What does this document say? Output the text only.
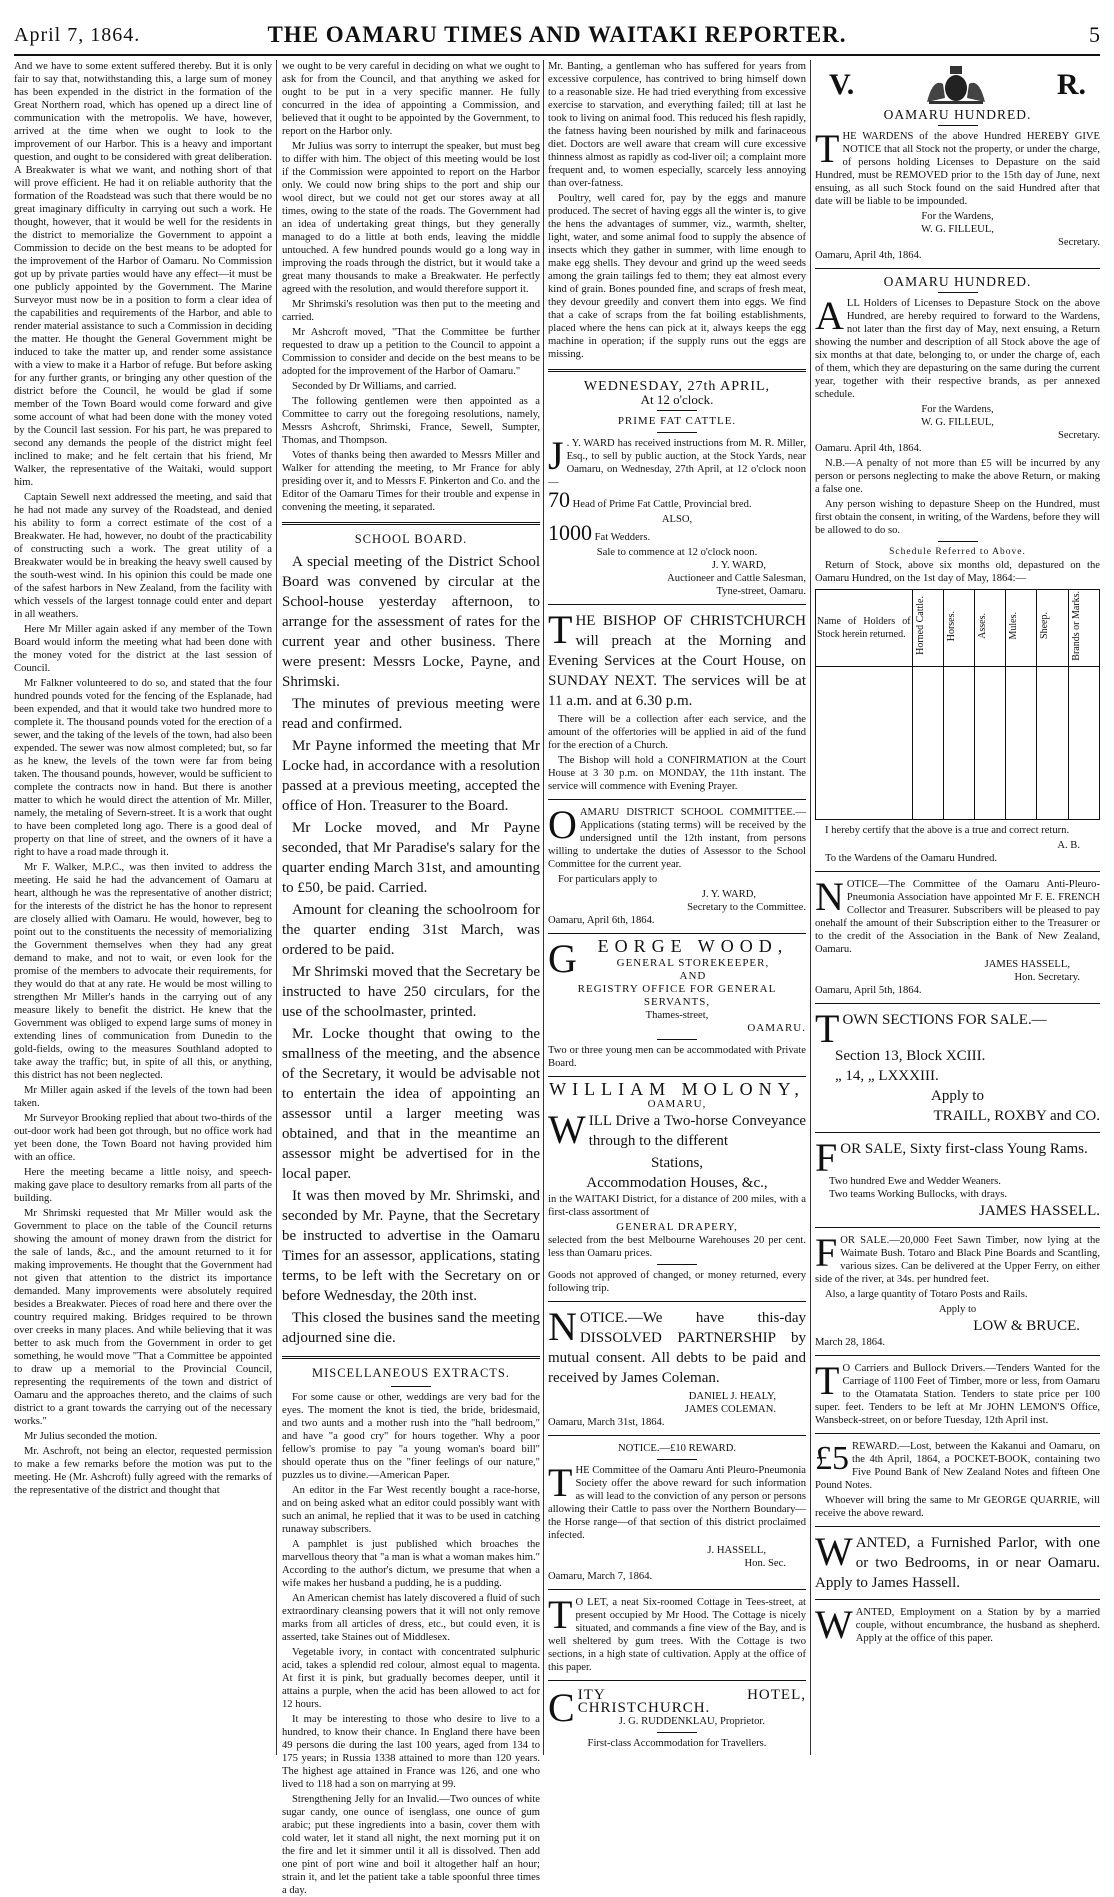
April 7, 1864.	THE OAMARU TIMES AND WAITAKI REPORTER.	5

And we have to some extent suffered thereby. But it is only fair to say that, notwithstanding this, a large sum of money has been expended in the district in the formation of the Great Northern road, which has opened up a direct line of communication with the metropolis. We have, however, arrived at the time when we ought to look to the improvement of our Harbor. This is a heavy and important question, and ought to be considered with great deliberation. A Breakwater is what we want, and nothing short of that will prove efficient. He had it on reliable authority that the formation of the Roadstead was such that there would be no great imaginary difficulty in carrying out such a work. He thought, however, that it would be well for the residents in the district to memorialize the Government to appoint a Commission to decide on the best means to be adopted for the improvement of the Harbor of Oamaru. No Commission got up by private parties would have any effect—it must be one publicly appointed by the Government. The Marine Surveyor must now be in a position to form a clear idea of the capabilities and requirements of the Harbor, and able to render material assistance to such a Commission in deciding the matter. He thought the General Government might be induced to take the matter up, and render some assistance with a view to make it a Harbor of refuge. But before asking for any further grants, or bringing any other question of the district before the Council, he would be glad if some member of the Town Board would come forward and give some account of what had been done with the money voted by the Council last session. For his part, he was prepared to second any demands the people of the district might feel inclined to make; and he felt certain that his friend, Mr Walker, the representative of the Waitaki, would support him.

Captain Sewell next addressed the meeting, and said that he had not made any survey of the Roadstead, and denied his ability to form a correct estimate of the cost of a Breakwater. He had, however, no doubt of the practicability of constructing such a work. The great utility of a Breakwater would be in breaking the heavy swell caused by the south-west wind. In his opinion this could be made one of the safest harbors in New Zealand, from the facility with which vessels of the largest tonnage could enter and depart in all weathers.

Here Mr Miller again asked if any member of the Town Board would inform the meeting what had been done with the money voted for the district at the last session of Council.

Mr Falkner volunteered to do so, and stated that the four hundred pounds voted for the fencing of the Esplanade, had been expended, and that it would take two hundred more to complete it. The thousand pounds voted for the erection of a sewer, and the taking of the levels of the town, had also been expended. The sewer was now almost completed; but, so far as he knew, the levels of the town were far from being taken. The thousand pounds, however, would be sufficient to complete the contracts now in hand. But there is another matter to which he would direct the attention of Mr. Miller, namely, the metaling of Severn-street. It is a work that ought to have been completed long ago. There is a good deal of property on that line of street, and the owners of it have a right to have a road made through it.

Mr F. Walker, M.P.C., was then invited to address the meeting. He said he had the advancement of Oamaru at heart, although he was the representative of another district; for the interests of the district he has the honor to represent are closely allied with Oamaru. He would, however, beg to point out to the constituents the necessity of memorializing the Government themselves when they had any great demand to make, and not to wait, or even look for the promise of the members to advocate their requirements, for they would do that at any rate. He would be most willing to strengthen Mr Miller's hands in the carrying out of any measure likely to benefit the district. He knew that the Government was obliged to expend large sums of money in extending lines of communication from Dunedin to the gold-fields, owing to the measures Southland adopted to take away the traffic; but, in spite of all this, or anything, this district has not been neglected.

Mr Miller again asked if the levels of the town had been taken.

Mr Surveyor Brooking replied that about two-thirds of the out-door work had been got through, but no office work had yet been done, the Town Board not having provided him with an office.

Here the meeting became a little noisy, and speech-making gave place to desultory remarks from all parts of the building.

Mr Shrimski requested that Mr Miller would ask the Government to place on the table of the Council returns showing the amount of money drawn from the district for the sale of lands, &c., and the amount returned to it for making improvements. He thought that the Government had not given that attention to the district its importance demanded. Many improvements were absolutely required besides a Breakwater. Pieces of road here and there over the country required making. Bridges required to be thrown over creeks in many places. And while believing that it was better to ask much from the Government in order to get something, he would move "That a Committee be appointed to draw up a memorial to the Provincial Council, representing the requirements of the town and district of Oamaru and the approaches thereto, and the claims of such district to a grant towards the carrying out of the necessary works."

Mr Julius seconded the motion.

Mr. Aschroft, not being an elector, requested permission to make a few remarks before the motion was put to the meeting. He (Mr. Ashcroft) fully agreed with the remarks of the representative of the district and thought that

we ought to be very careful in deciding on what we ought to ask for from the Council, and that anything we asked for ought to be put in a very specific manner. He fully concurred in the idea of appointing a Commission, and believed that it ought to be appointed by the Government, to report on the Harbor only.

Mr Julius was sorry to interrupt the speaker, but must beg to differ with him. The object of this meeting would be lost if the Commission were appointed to report on the Harbor only. We could now bring ships to the port and ship our wool direct, but we could not get our stores away at all times, owing to the state of the roads. The Government had an idea of undertaking great things, but they generally managed to do a little at both ends, leaving the middle untouched. A few hundred pounds would go a long way in improving the roads through the district, but it would take a great many thousands to make a Breakwater. He perfectly agreed with the resolution, and would therefore support it.

Mr Shrimski's resolution was then put to the meeting and carried.

Mr Ashcroft moved, "That the Committee be further requested to draw up a petition to the Council to appoint a Commission to consider and decide on the best means to be adopted for the improvement of the Harbor of Oamaru."

Seconded by Dr Williams, and carried.

The following gentlemen were then appointed as a Committee to carry out the foregoing resolutions, namely, Messrs Ashcroft, Shrimski, France, Sewell, Sumpter, Thomas, and Thompson.

Votes of thanks being then awarded to Messrs Miller and Walker for attending the meeting, to Mr France for ably presiding over it, and to Messrs F. Pinkerton and Co. and the Editor of the Oamaru Times for their trouble and expense in convening the meeting, it separated.

SCHOOL BOARD.

A special meeting of the District School Board was convened by circular at the School-house yesterday afternoon, to arrange for the assessment of rates for the current year and other business. There were present: Messrs Locke, Payne, and Shrimski.

The minutes of previous meeting were read and confirmed.

Mr Payne informed the meeting that Mr Locke had, in accordance with a resolution passed at a previous meeting, accepted the office of Hon. Treasurer to the Board.

Mr Locke moved, and Mr Payne seconded, that Mr Paradise's salary for the quarter ending March 31st, and amounting to £50, be paid. Carried.

Amount for cleaning the schoolroom for the quarter ending 31st March, was ordered to be paid.

Mr Shrimski moved that the Secretary be instructed to have 250 circulars, for the use of the schoolmaster, printed.

Mr. Locke thought that owing to the smallness of the meeting, and the absence of the Secretary, it would be advisable not to entertain the idea of appointing an assessor until a larger meeting was obtained, and that in the meantime an assessor might be advertised for in the local paper.

It was then moved by Mr. Shrimski, and seconded by Mr. Payne, that the Secretary be instructed to advertise in the Oamaru Times for an assessor, applications, stating terms, to be left with the Secretary on or before Wednesday, the 20th inst.

This closed the busines sand the meeting adjourned sine die.

MISCELLANEOUS EXTRACTS.

For some cause or other, weddings are very bad for the eyes. The moment the knot is tied, the bride, bridesmaid, and two aunts and a mother rush into the "hall bedroom," and have "a good cry" for hours together. Why a poor fellow's promise to pay "a young woman's board bill" should operate thus on the "finer feelings of our nature," puzzles us to divine.—American Paper.

An editor in the Far West recently bought a race-horse, and on being asked what an editor could possibly want with such an animal, he replied that it was to be used in catching runaway subscribers.

A pamphlet is just published which broaches the marvellous theory that "a man is what a woman makes him." According to the author's dictum, we presume that when a wife makes her husband a pudding, he is a pudding.

An American chemist has lately discovered a fluid of such extraordinary cleansing powers that it will not only remove marks from all articles of dress, etc., but could even, it is asserted, take Staines out of Middlesex.

Vegetable ivory, in contact with concentrated sulphuric acid, takes a splendid red colour, almost equal to magenta. At first it is pink, but gradually becomes deeper, until it attains a purple, when the acid has been allowed to act for 12 hours.

It may be interesting to those who desire to live to a hundred, to know their chance. In England there have been 49 persons die during the last 100 years, aged from 134 to 175 years; in Russia 1338 attained to more than 120 years. The highest age attained in France was 126, and one who lived to 118 had a son on marrying at 99.

Strengthening Jelly for an Invalid.—Two ounces of white sugar candy, one ounce of isenglass, one ounce of gum arabic; put these ingredients into a basin, cover them with cold water, let it stand all night, the next morning put it on the fire and let it simmer until it all is dissolved. Then add one pint of port wine and boil it altogether half an hour; strain it, and let the patient take a table spoonful three times a day.

Mr. Banting, a gentleman who has suffered for years from excessive corpulence, has contrived to bring himself down to a reasonable size. He had tried everything from excessive exercise to starvation, and everything failed; till at last he took to living on animal food. This reduced his flesh rapidly, the fatness having been nourished by milk and farinaceous diet. Doctors are well aware that cream will cure excessive thinness almost as rapidly as cod-liver oil; a complaint more frequent and, to women especially, scarcely less annoying than over-fatness.

Poultry, well cared for, pay by the eggs and manure produced. The secret of having eggs all the winter is, to give the hens the advantages of summer, viz., warmth, shelter, light, water, and some animal food to supply the absence of insects which they gather in summer, with lime enough to make egg shells. They devour and grind up the weed seeds among the grain tailings fed to them; they eat almost every kind of grain. Bones pounded fine, and scraps of fresh meat, they devour greedily and convert them into eggs. We find that a cake of scraps from the fat boiling establishments, placed where the hens can pick at it, always keeps the egg machine in operation; if the supply runs out the eggs are missing.

WEDNESDAY, 27th APRIL,
At 12 o'clock.
PRIME FAT CATTLE.

J . Y. WARD has received instructions from M. R. Miller, Esq., to sell by public auction, at the Stock Yards, near Oamaru, on Wednesday, 27th April, at 12 o'clock noon—

70 Head of Prime Fat Cattle, Provincial bred.

ALSO,

1000 Fat Wedders.

Sale to commence at 12 o'clock noon.
J. Y. WARD,
Auctioneer and Cattle Salesman,
Tyne-street, Oamaru.

THE BISHOP OF CHRISTCHURCH will preach at the Morning and Evening Services at the Court House, on SUNDAY NEXT. The services will be at 11 a.m. and at 6.30 p.m.

There will be a collection after each service, and the amount of the offertories will be applied in aid of the fund for the erection of a Church.

The Bishop will hold a CONFIRMATION at the Court House at 3 30 p.m. on MONDAY, the 11th instant. The service will commence with Evening Prayer.

OAMARU DISTRICT SCHOOL COMMITTEE.—Applications (stating terms) will be received by the undersigned until the 12th instant, from persons willing to undertake the duties of Assessor to the School Committee for the current year.

For particulars apply to

J. Y. WARD,
Secretary to the Committee.

Oamaru, April 6th, 1864.

G	EORGE WOOD,
GENERAL STOREKEEPER,
AND
REGISTRY OFFICE FOR GENERAL
SERVANTS,
Thames-street,
OAMARU.

Two or three young men can be accommodated with Private Board.

WILLIAM MOLONY,
OAMARU,

WILL Drive a Two-horse Conveyance through to the different

Stations,
Accommodation Houses, &c.,

in the WAITAKI District, for a distance of 200 miles, with a first-class assortment of

GENERAL DRAPERY,

selected from the best Melbourne Warehouses 20 per cent. less than Oamaru prices.

Goods not approved of changed, or money returned, every following trip.

NOTICE.—We have this-day DISSOLVED PARTNERSHIP by mutual consent. All debts to be paid and received by James Coleman.

DANIEL J. HEALY,
JAMES COLEMAN.

Oamaru, March 31st, 1864.

NOTICE.—£10 REWARD.

THE Committee of the Oamaru Anti Pleuro-Pneumonia Society offer the above reward for such information as will lead to the conviction of any person or persons allowing their Cattle to pass over the Northern Boundary—the Horse range—of that section of this district proclaimed infected.

J. HASSELL,
Hon. Sec.

Oamaru, March 7, 1864.

T O LET, a neat Six-roomed Cottage in Tees-street, at present occupied by Mr Hood. The Cottage is nicely situated, and commands a fine view of the Bay, and is well sheltered by gum trees. With the Cottage is two sections, in a high state of cultivation. Apply at the office of this paper.

C ITY HOTEL, CHRISTCHURCH.
J. G. RUDDENKLAU, Proprietor.
First-class Accommodation for Travellers.
V.	R.
OAMARU HUNDRED.

THE WARDENS of the above Hundred HEREBY GIVE NOTICE that all Stock not the property, or under the charge, of persons holding Licenses to Depasture on the said Hundred, must be REMOVED prior to the 15th day of June, next ensuing, as all such Stock found on the said Hundred after that date will be liable to be impounded.

For the Wardens,
W. G. FILLEUL,
Secretary.

Oamaru, April 4th, 1864.

OAMARU HUNDRED.

ALL Holders of Licenses to Depasture Stock on the above Hundred, are hereby required to forward to the Wardens, not later than the first day of May, next ensuing, a Return showing the number and description of all Stock above the age of six months at that date, belonging to, or under the charge of, each of them, which they are depasturing on the same during the current year, together with their respective brands, as per annexed schedule.

For the Wardens,
W. G. FILLEUL,
Secretary.

Oamaru. April 4th, 1864.

N.B.—A penalty of not more than £5 will be incurred by any person or persons neglecting to make the above Return, or making a false one.

Any person wishing to depasture Sheep on the Hundred, must first obtain the consent, in writing, of the Wardens, before they will be allowed to do so.

Schedule Referred to Above.

Return of Stock, above six months old, depastured on the Oamaru Hundred, on the 1st day of May, 1864:—

Name of Holders of Stock herein returned.	Horned Cattle.	Horses.	Asses.	Mules.	Sheep.	Brands or Marks.

I hereby certify that the above is a true and correct return.

A. B.

To the Wardens of the Oamaru Hundred.

NOTICE—The Committee of the Oamaru Anti-Pleuro-Pneumonia Association have appointed Mr F. E. FRENCH Collector and Treasurer. Subscribers will be pleased to pay onehalf the amount of their Subscription either to the Treasurer or to the credit of the Association in the Bank of New Zealand, Oamaru.

JAMES HASSELL,
Hon. Secretary.

Oamaru, April 5th, 1864.

TOWN SECTIONS FOR SALE.—

Section 13, Block XCIII.
„ 14, „ LXXXIII.
Apply to
TRAILL, ROXBY and CO.

FOR SALE, Sixty first-class Young Rams.

Two hundred Ewe and Wedder Weaners.
Two teams Working Bullocks, with drays.
JAMES HASSELL.

FOR SALE.—20,000 Feet Sawn Timber, now lying at the Waimate Bush. Totaro and Black Pine Boards and Scantling, various sizes. Can be delivered at the Upper Ferry, on either side of the river, at 34s. per hundred feet.

Also, a large quantity of Totaro Posts and Rails.

Apply to
LOW & BRUCE.

March 28, 1864.

T O Carriers and Bullock Drivers.—Tenders Wanted for the Carriage of 1100 Feet of Timber, more or less, from Oamaru to the Otamatata Station. Tenders to state price per 100 super. feet. Tenders to be left at Mr JOHN LEMON'S Office, Wansbeck-street, on or before Tuesday, 12th April inst.

£5 REWARD.—Lost, between the Kakanui and Oamaru, on the 4th April, 1864, a POCKET-BOOK, containing two Five Pound Bank of New Zealand Notes and fifteen One Pound Notes.

Whoever will bring the same to Mr GEORGE QUARRIE, will receive the above reward.

WANTED, a Furnished Parlor, with one or two Bedrooms, in or near Oamaru. Apply to James Hassell.

WANTED, Employment on a Station by by a married couple, without encumbrance, the husband as shepherd. Apply at the office of this paper.
